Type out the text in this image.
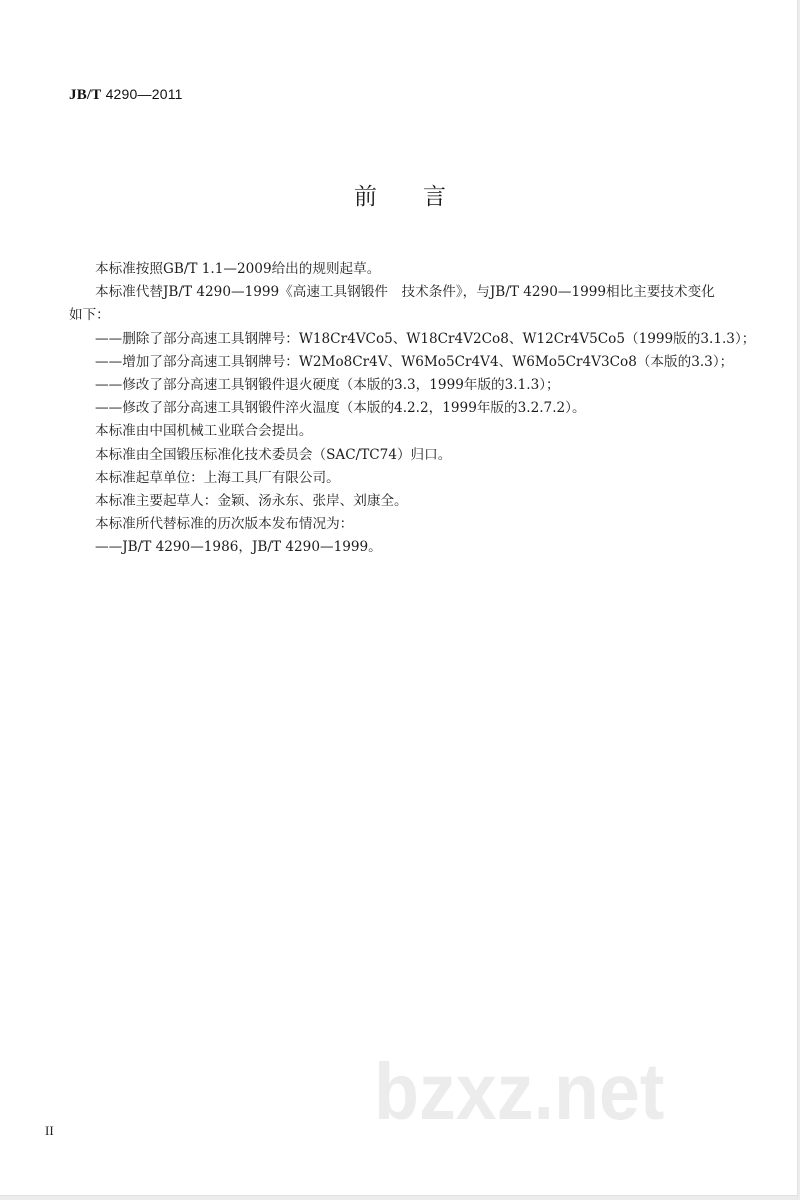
JB/T 4290—2011
前 言

本标准按照GB/T 1.1—2009给出的规则起草。

本标准代替JB/T 4290—1999《高速工具钢锻件　技术条件》，与JB/T 4290—1999相比主要技术变化

如下：

——删除了部分高速工具钢牌号：W18Cr4VCo5、W18Cr4V2Co8、W12Cr4V5Co5（1999版的3.1.3）；

——增加了部分高速工具钢牌号：W2Mo8Cr4V、W6Mo5Cr4V4、W6Mo5Cr4V3Co8（本版的3.3）；

——修改了部分高速工具钢锻件退火硬度（本版的3.3，1999年版的3.1.3）；

——修改了部分高速工具钢锻件淬火温度（本版的4.2.2，1999年版的3.2.7.2）。

本标准由中国机械工业联合会提出。

本标准由全国锻压标准化技术委员会（SAC/TC74）归口。

本标准起草单位：上海工具厂有限公司。

本标准主要起草人：金颖、汤永东、张岸、刘康全。

本标准所代替标准的历次版本发布情况为：

——JB/T 4290—1986，JB/T 4290—1999。

bzxz.net
II
